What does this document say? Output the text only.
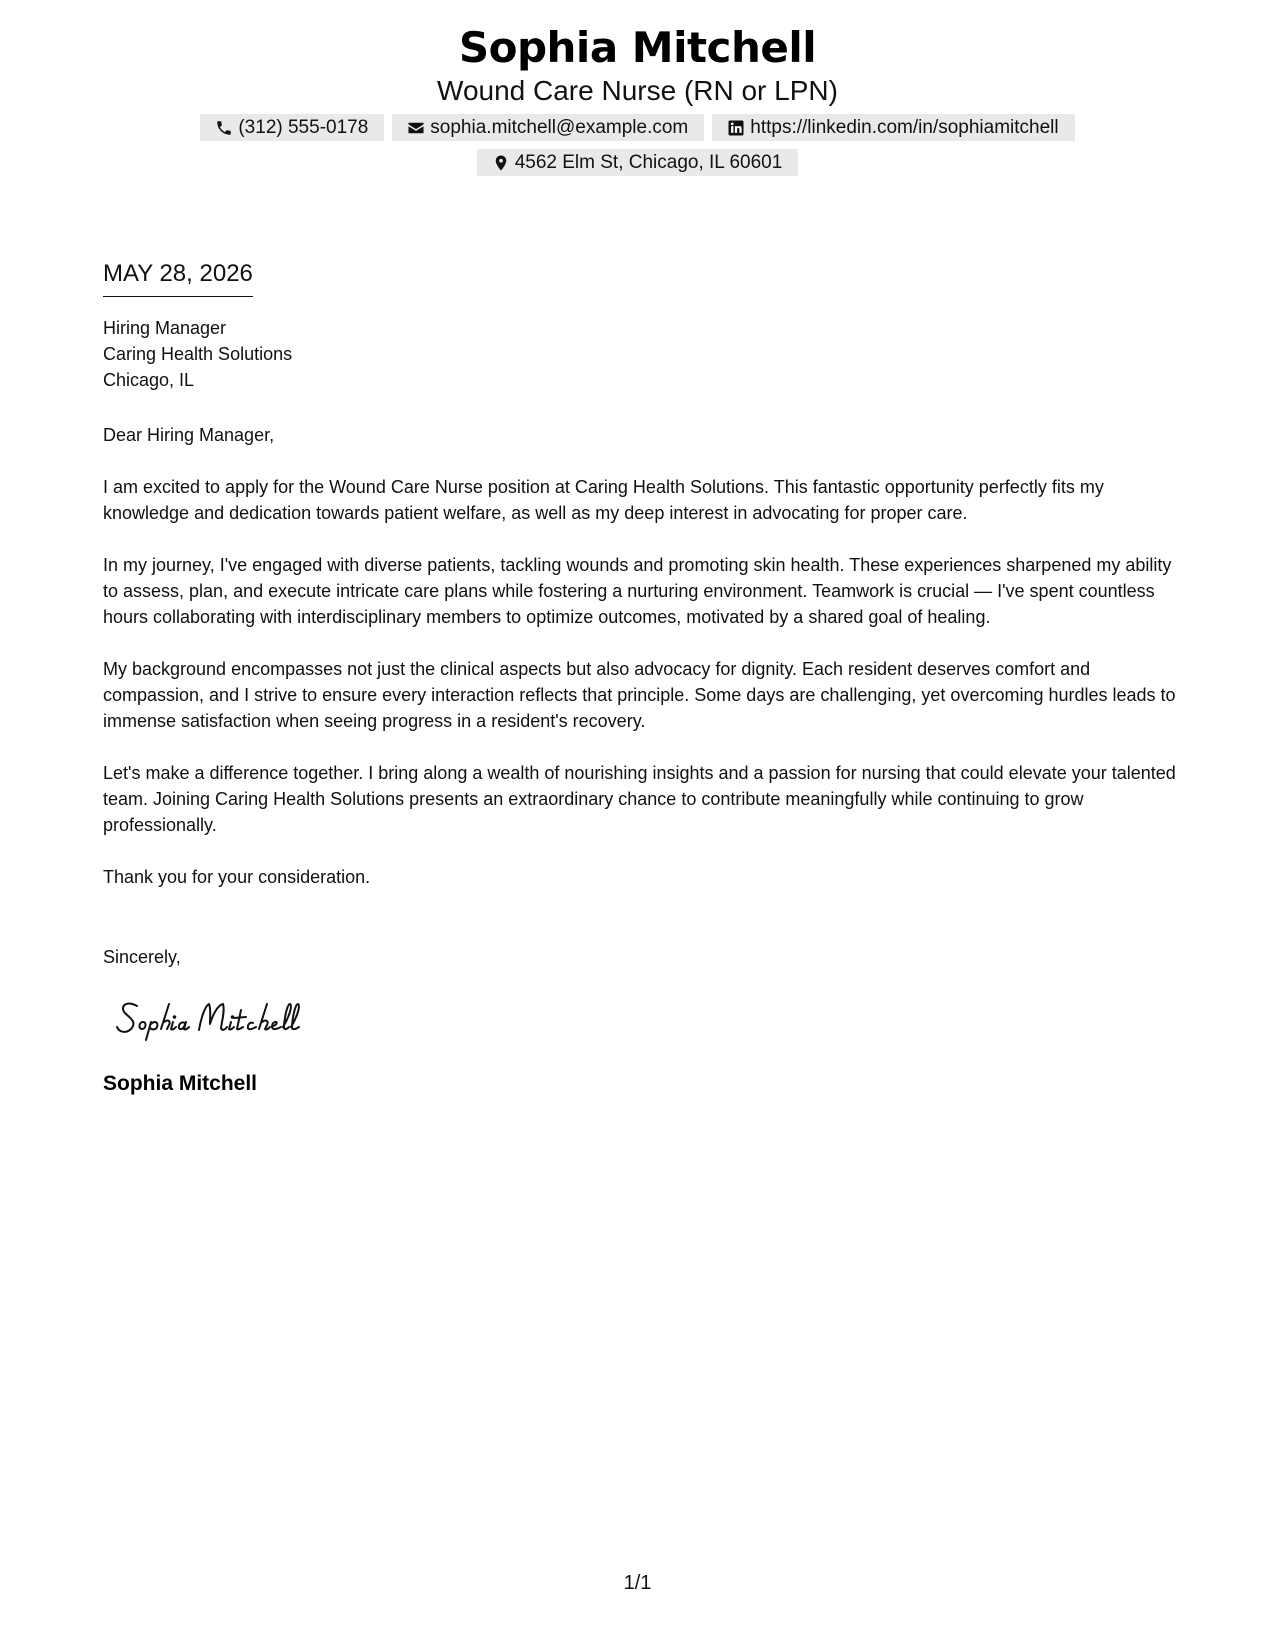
Sophia Mitchell

Wound Care Nurse (RN or LPN)

(312) 555-0178	sophia.mitchell@example.com	https://linkedin.com/in/sophiamitchell
4562 Elm St, Chicago, IL 60601

MAY 28, 2026

Hiring Manager
Caring Health Solutions
Chicago, IL
Dear Hiring Manager,

I am excited to apply for the Wound Care Nurse position at Caring Health Solutions. This fantastic opportunity perfectly fits my knowledge and dedication towards patient welfare, as well as my deep interest in advocating for proper care.

In my journey, I've engaged with diverse patients, tackling wounds and promoting skin health. These experiences sharpened my ability to assess, plan, and execute intricate care plans while fostering a nurturing environment. Teamwork is crucial — I've spent countless hours collaborating with interdisciplinary members to optimize outcomes, motivated by a shared goal of healing.

My background encompasses not just the clinical aspects but also advocacy for dignity. Each resident deserves comfort and compassion, and I strive to ensure every interaction reflects that principle. Some days are challenging, yet overcoming hurdles leads to immense satisfaction when seeing progress in a resident's recovery.

Let's make a difference together. I bring along a wealth of nourishing insights and a passion for nursing that could elevate your talented team. Joining Caring Health Solutions presents an extraordinary chance to contribute meaningfully while continuing to grow professionally.

Thank you for your consideration.
Sincerely,
Sophia Mitchell
1/1
